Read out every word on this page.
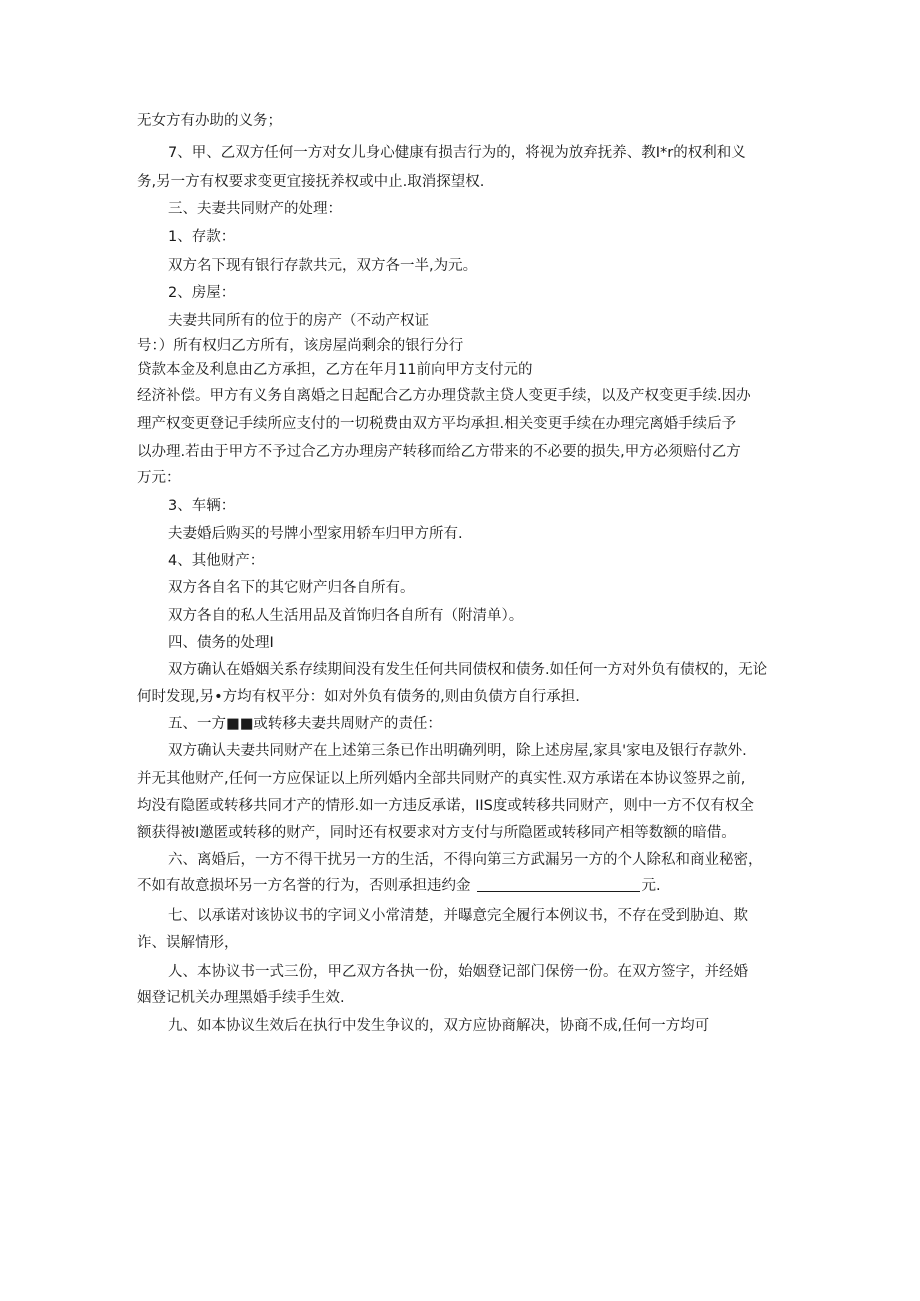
无女方有办助的义务；
7、甲、乙双方任何一方对女儿身心健康有损吉行为的，将视为放弃抚养、教I*r的权利和义
务,另一方有权要求变更宜接抚养权或中止.取消探望权.
三、夫妻共同财产的处理：
1、存款：
双方名下现有银行存款共元，双方各一半,为元。
2、房屋：
夫妻共同所有的位于的房产（不动产权证
号：）所有权归乙方所有，该房屋尚剩余的银行分行
贷款本金及利息由乙方承担，乙方在年月11前向甲方支付元的
经济补偿。甲方有义务自离婚之日起配合乙方办理贷款主贷人变更手续，以及产权变更手续.因办
理产权变更登记手续所应支付的一切税费由双方平均承担.相关变更手续在办理完离婚手续后予
以办理.若由于甲方不予过合乙方办理房产转移而给乙方带来的不必要的损失,甲方必须赔付乙方
万元：
3、车辆：
夫妻婚后购买的号牌小型家用轿车归甲方所有.
4、其他财产：
双方各自名下的其它财产归各自所有。
双方各自的私人生活用品及首饰归各自所有（附清单）。
四、债务的处理I
双方确认在婚姻关系存续期间没有发生任何共同债权和债务.如任何一方对外负有债权的，无论
何时发现,另•方均有权平分：如对外负有债务的,则由负债方自行承担.
五、一方■■或转移夫妻共周财产的责任：
双方确认夫妻共同财产在上述第三条已作出明确列明，除上述房屋,家具'家电及银行存款外.
并无其他财产,任何一方应保证以上所列婚内全部共同财产的真实性.双方承诺在本协议签界之前,
均没有隐匿或转移共同才产的情形.如一方违反承诺，IIS度或转移共同财产，则中一方不仅有权全
额获得被I邀匿或转移的财产，同时还有权要求对方支付与所隐匿或转移同产相等数额的暗借。
六、离婚后，一方不得干扰另一方的生活，不得向第三方武漏另一方的个人除私和商业秘密，
不如有故意损坏另一方名誉的行为，否则承担违约金	元.
七、以承诺对该协议书的字词义小常清楚，并曝意完全履行本例议书，不存在受到胁迫、欺
诈、误解情形，
人、本协议书一式三份，甲乙双方各执一份，始姻登记部门保傍一份。在双方签字，并经婚
姻登记机关办理黑婚手续手生效.
九、如本协议生效后在执行中发生争议的，双方应协商解决，协商不成,任何一方均可
